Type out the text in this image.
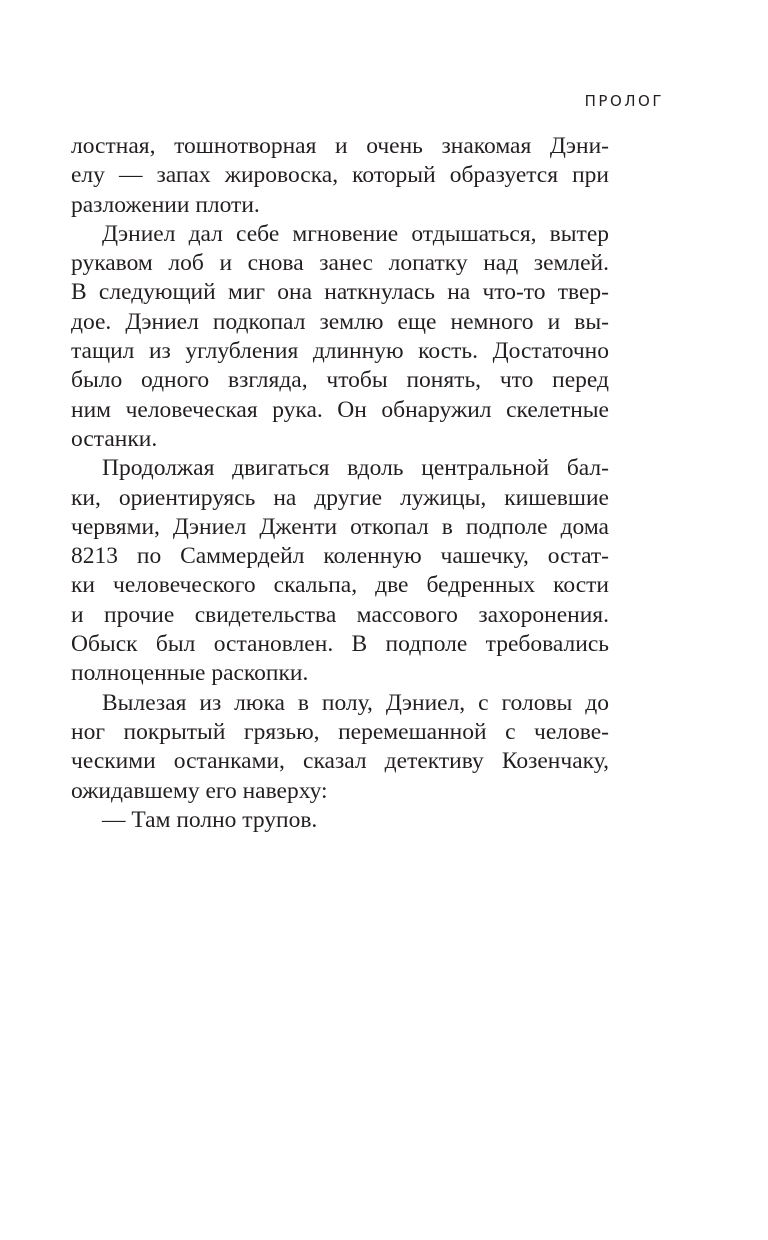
ПРОЛОГ
лостная, тошнотворная и очень знакомая Дэни-
елу — запах жировоска, который образуется при
разложении плоти.
Дэниел дал себе мгновение отдышаться, вытер
рукавом лоб и снова занес лопатку над землей.
В следующий миг она наткнулась на что-то твер-
дое. Дэниел подкопал землю еще немного и вы-
тащил из углубления длинную кость. Достаточно
было одного взгляда, чтобы понять, что перед
ним человеческая рука. Он обнаружил скелетные
останки.
Продолжая двигаться вдоль центральной бал-
ки, ориентируясь на другие лужицы, кишевшие
червями, Дэниел Дженти откопал в подполе дома
8213 по Саммердейл коленную чашечку, остат-
ки человеческого скальпа, две бедренных кости
и прочие свидетельства массового захоронения.
Обыск был остановлен. В подполе требовались
полноценные раскопки.
Вылезая из люка в полу, Дэниел, с головы до
ног покрытый грязью, перемешанной с челове-
ческими останками, сказал детективу Козенчаку,
ожидавшему его наверху:
— Там полно трупов.
